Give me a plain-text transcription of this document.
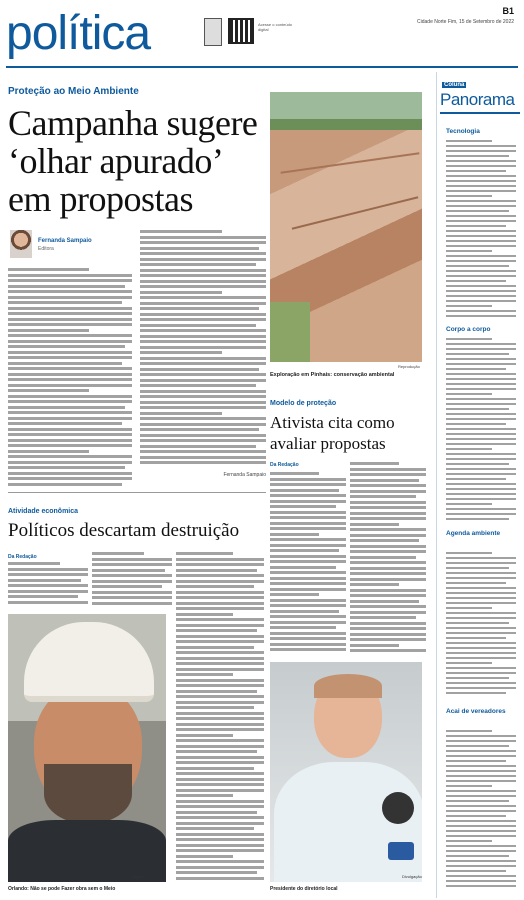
política	Acesse o conteúdo digital
B1
Cidade Norte Fim, 15 de Setembro de 2022
Proteção ao Meio Ambiente
Campanha sugere ‘olhar apurado’ em propostas
Fernanda Sampaio
Editora
Fernanda Sampaio
Reprodução
Exploração em Pinhais: conservação ambiental
Modelo de proteção
Ativista cita como avaliar propostas
Da Redação
Divulgação
Presidente do diretório local
Atividade econômica
Políticos descartam destruição
Da Redação
Arquivo
Orlando: Não se pode Fazer obra sem o Meio
Coluna
Panorama
Tecnologia
Corpo a corpo
Agenda ambiente
Acai de vereadores
